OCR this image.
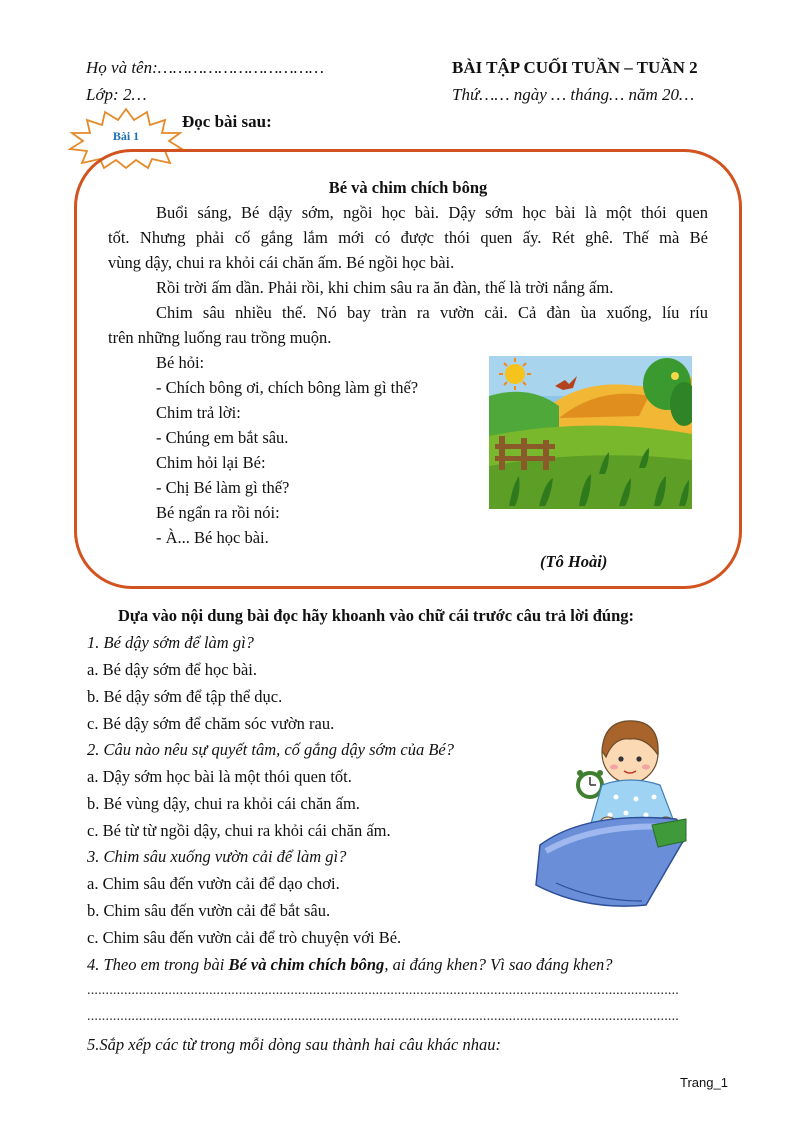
Họ và tên:……………………………	BÀI TẬP CUỐI TUẦN – TUẦN 2
Lớp: 2…	Thứ…… ngày … tháng… năm 20…
Bài 1
Đọc bài sau:
Bé và chim chích bông
Buổi sáng, Bé dậy sớm, ngồi học bài. Dậy sớm học bài là một thói quen
tốt. Nhưng phải cố gắng lắm mới có được thói quen ấy. Rét ghê. Thế mà Bé
vùng dậy, chui ra khỏi cái chăn ấm. Bé ngồi học bài.
Rồi trời ấm dần. Phải rồi, khi chim sâu ra ăn đàn, thế là trời nắng ấm.
Chim sâu nhiều thế. Nó bay tràn ra vườn cải. Cả đàn ùa xuống, líu ríu
trên những luống rau trồng muộn.
Bé hỏi:
- Chích bông ơi, chích bông làm gì thế?
Chim trả lời:
- Chúng em bắt sâu.
Chim hỏi lại Bé:
- Chị Bé làm gì thế?
Bé ngẩn ra rồi nói:
- À... Bé học bài.
(Tô Hoài)
Dựa vào nội dung bài đọc hãy khoanh vào chữ cái trước câu trả lời đúng:
1. Bé dậy sớm để làm gì?
a. Bé dậy sớm để học bài.
b. Bé dậy sớm để tập thể dục.
c. Bé dậy sớm để chăm sóc vườn rau.
2. Câu nào nêu sự quyết tâm, cố gắng dậy sớm của Bé?
a. Dậy sớm học bài là một thói quen tốt.
b. Bé vùng dậy, chui ra khỏi cái chăn ấm.
c. Bé từ từ ngồi dậy, chui ra khỏi cái chăn ấm.
3. Chim sâu xuống vườn cải để làm gì?
a. Chim sâu đến vườn cải để dạo chơi.
b. Chim sâu đến vườn cải để bắt sâu.
c. Chim sâu đến vườn cải để trò chuyện với Bé.
4. Theo em trong bài Bé và chim chích bông, ai đáng khen? Vì sao đáng khen?
................................................................................................................................................................
................................................................................................................................................................
5.Sắp xếp các từ trong mỗi dòng sau thành hai câu khác nhau:
Trang_1
